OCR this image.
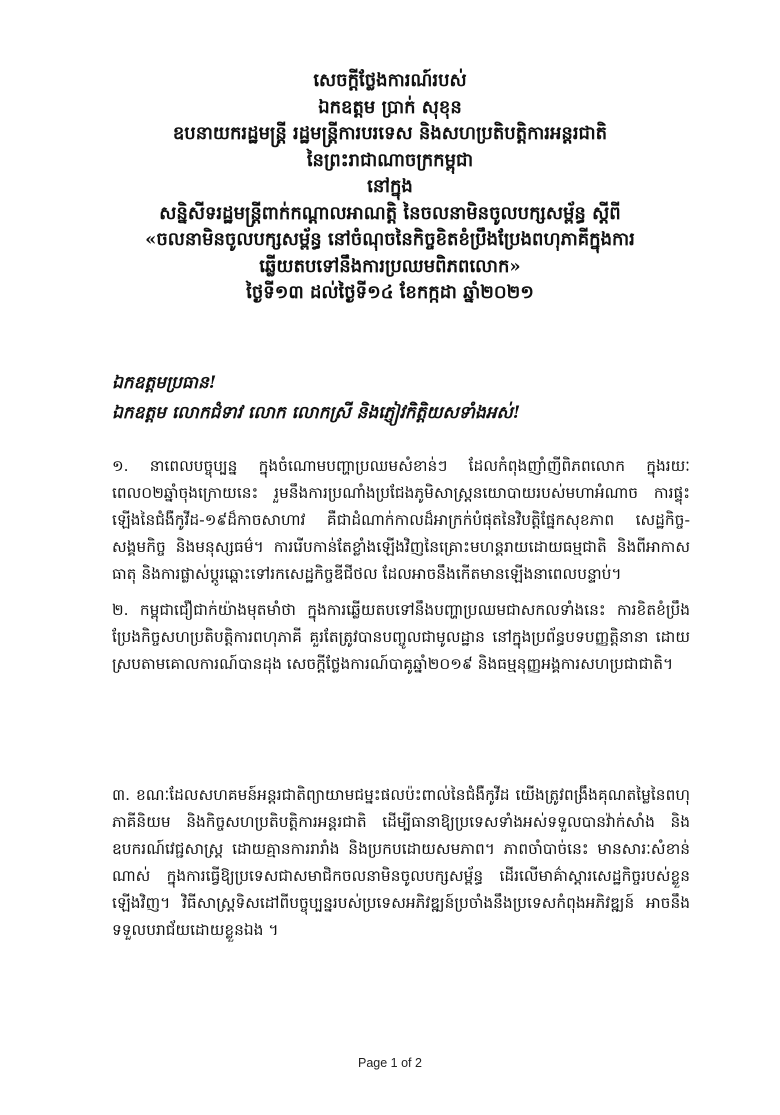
សេចក្តីថ្លែងការណ៍របស់

ឯកឧត្តម ប្រាក់ សុខុន

ឧបនាយករដ្ឋមន្ត្រី រដ្ឋមន្ត្រីការបរទេស និងសហប្រតិបត្តិការអន្តរជាតិ

នៃព្រះរាជាណាចក្រកម្ពុជា

នៅក្នុង

សន្និសីទរដ្ឋមន្ត្រីពាក់កណ្តាលអាណត្តិ នៃចលនាមិនចូលបក្សសម្ព័ន្ធ ស្តីពី

«ចលនាមិនចូលបក្សសម្ព័ន្ធ នៅចំណុចនៃកិច្ចខិតខំប្រឹងប្រែងពហុភាគីក្នុងការ

ឆ្លើយតបទៅនឹងការប្រឈមពិភពលោក»

ថ្ងៃទី១៣ ដល់ថ្ងៃទី១៤ ខែកក្កដា ឆ្នាំ២០២១

ឯកឧត្តមប្រធាន!

ឯកឧត្តម លោកជំទាវ លោក លោកស្រី និងភ្ញៀវកិត្តិយសទាំងអស់!

១. នាពេលបច្ចុប្បន្ន ក្នុងចំណោមបញ្ហាប្រឈមសំខាន់ៗ ដែលកំពុងញាំញីពិភពលោក ក្នុងរយៈពេល០២ឆ្នាំចុងក្រោយនេះ រួមនឹងការប្រណាំងប្រជែងភូមិសាស្ត្រនយោបាយរបស់មហាអំណាច ការផ្ទុះឡើងនៃជំងឺកូវីដ-១៩ដ៏កាចសាហាវ គឺជាដំណាក់កាលដ៏អាក្រក់បំផុតនៃវិបត្តិផ្នែកសុខភាព សេដ្ឋកិច្ច-សង្គមកិច្ច និងមនុស្សធម៌។ ការរើបកាន់តែខ្លាំងឡើងវិញនៃគ្រោះមហន្តរាយដោយធម្មជាតិ និងពីអាកាសធាតុ និងការផ្លាស់ប្តូរឆ្ពោះទៅរកសេដ្ឋកិច្ចឌីជីថល ដែលអាចនឹងកើតមានឡើងនាពេលបន្ទាប់។

២. កម្ពុជាជឿជាក់យ៉ាងមុតមាំថា ក្នុងការឆ្លើយតបទៅនឹងបញ្ហាប្រឈមជាសកលទាំងនេះ ការខិតខំប្រឹងប្រែងកិច្ចសហប្រតិបត្តិការពហុភាគី គួរតែត្រូវបានបញ្ចូលជាមូលដ្ឋាន នៅក្នុងប្រព័ន្ធបទបញ្ញត្តិនានា ដោយស្របតាមគោលការណ៍បានដុង សេចក្តីថ្លែងការណ៍បាគូឆ្នាំ២០១៩ និងធម្មនុញ្ញអង្គការសហប្រជាជាតិ។

៣. ខណៈដែលសហគមន៍អន្តរជាតិព្យាយាមជម្នះផលប៉ះពាល់នៃជំងឺកូវីដ យើងត្រូវពង្រឹងគុណតម្លៃនៃពហុភាគីនិយម និងកិច្ចសហប្រតិបត្តិការអន្តរជាតិ ដើម្បីធានាឱ្យប្រទេសទាំងអស់ទទួលបានវ៉ាក់សាំង និងឧបករណ៍វេជ្ជសាស្ត្រ ដោយគ្មានការរារាំង និងប្រកបដោយសមភាព។ ភាពចាំបាច់នេះ មានសារៈសំខាន់ណាស់ ក្នុងការធ្វើឱ្យប្រទេសជាសមាជិកចលនាមិនចូលបក្សសម្ព័ន្ធ ដើរលើមាគ៌ាស្តារសេដ្ឋកិច្ចរបស់ខ្លួនឡើងវិញ។ វិធីសាស្ត្រទិសដៅពីបច្ចុប្បន្នរបស់ប្រទេសអភិវឌ្ឍន៍ប្រចាំងនឹងប្រទេសកំពុងអភិវឌ្ឍន៍ អាចនឹងទទួលបរាជ័យដោយខ្លួនឯង ។

Page 1 of 2
